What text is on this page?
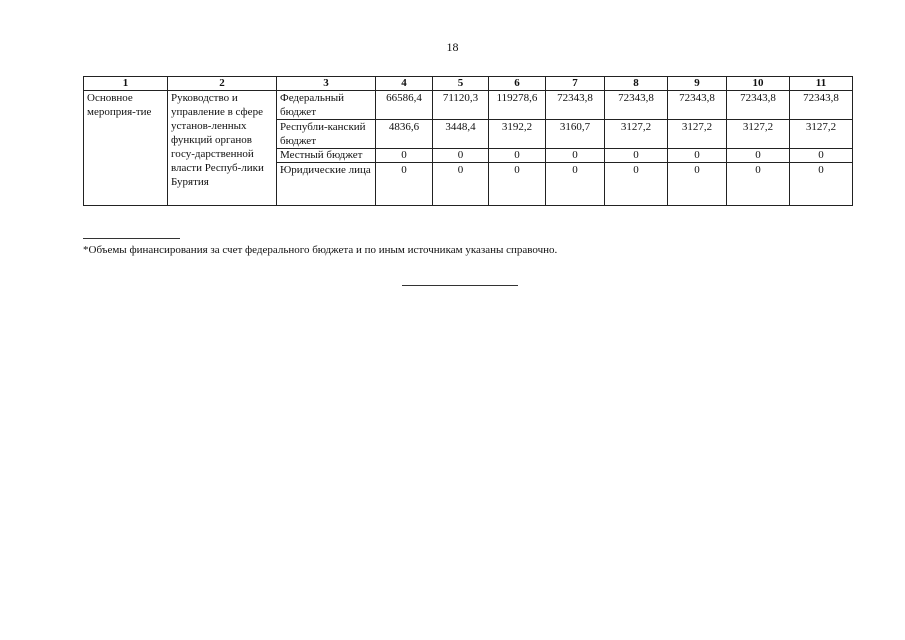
18
1	2	3	4	5	6	7	8	9	10	11
Основное мероприя-тие	Руководство и управление в сфере установ-ленных функций органов госу-дарственной власти Респуб-лики Бурятия	Федеральный бюджет	66586,4	71120,3	119278,6	72343,8	72343,8	72343,8	72343,8	72343,8
		Республи-канский бюджет	4836,6	3448,4	3192,2	3160,7	3127,2	3127,2	3127,2	3127,2
		Местный бюджет	0	0	0	0	0	0	0	0
		Юридические лица	0	0	0	0	0	0	0	0
*Объемы финансирования за счет федерального бюджета и по иным источникам указаны справочно.
